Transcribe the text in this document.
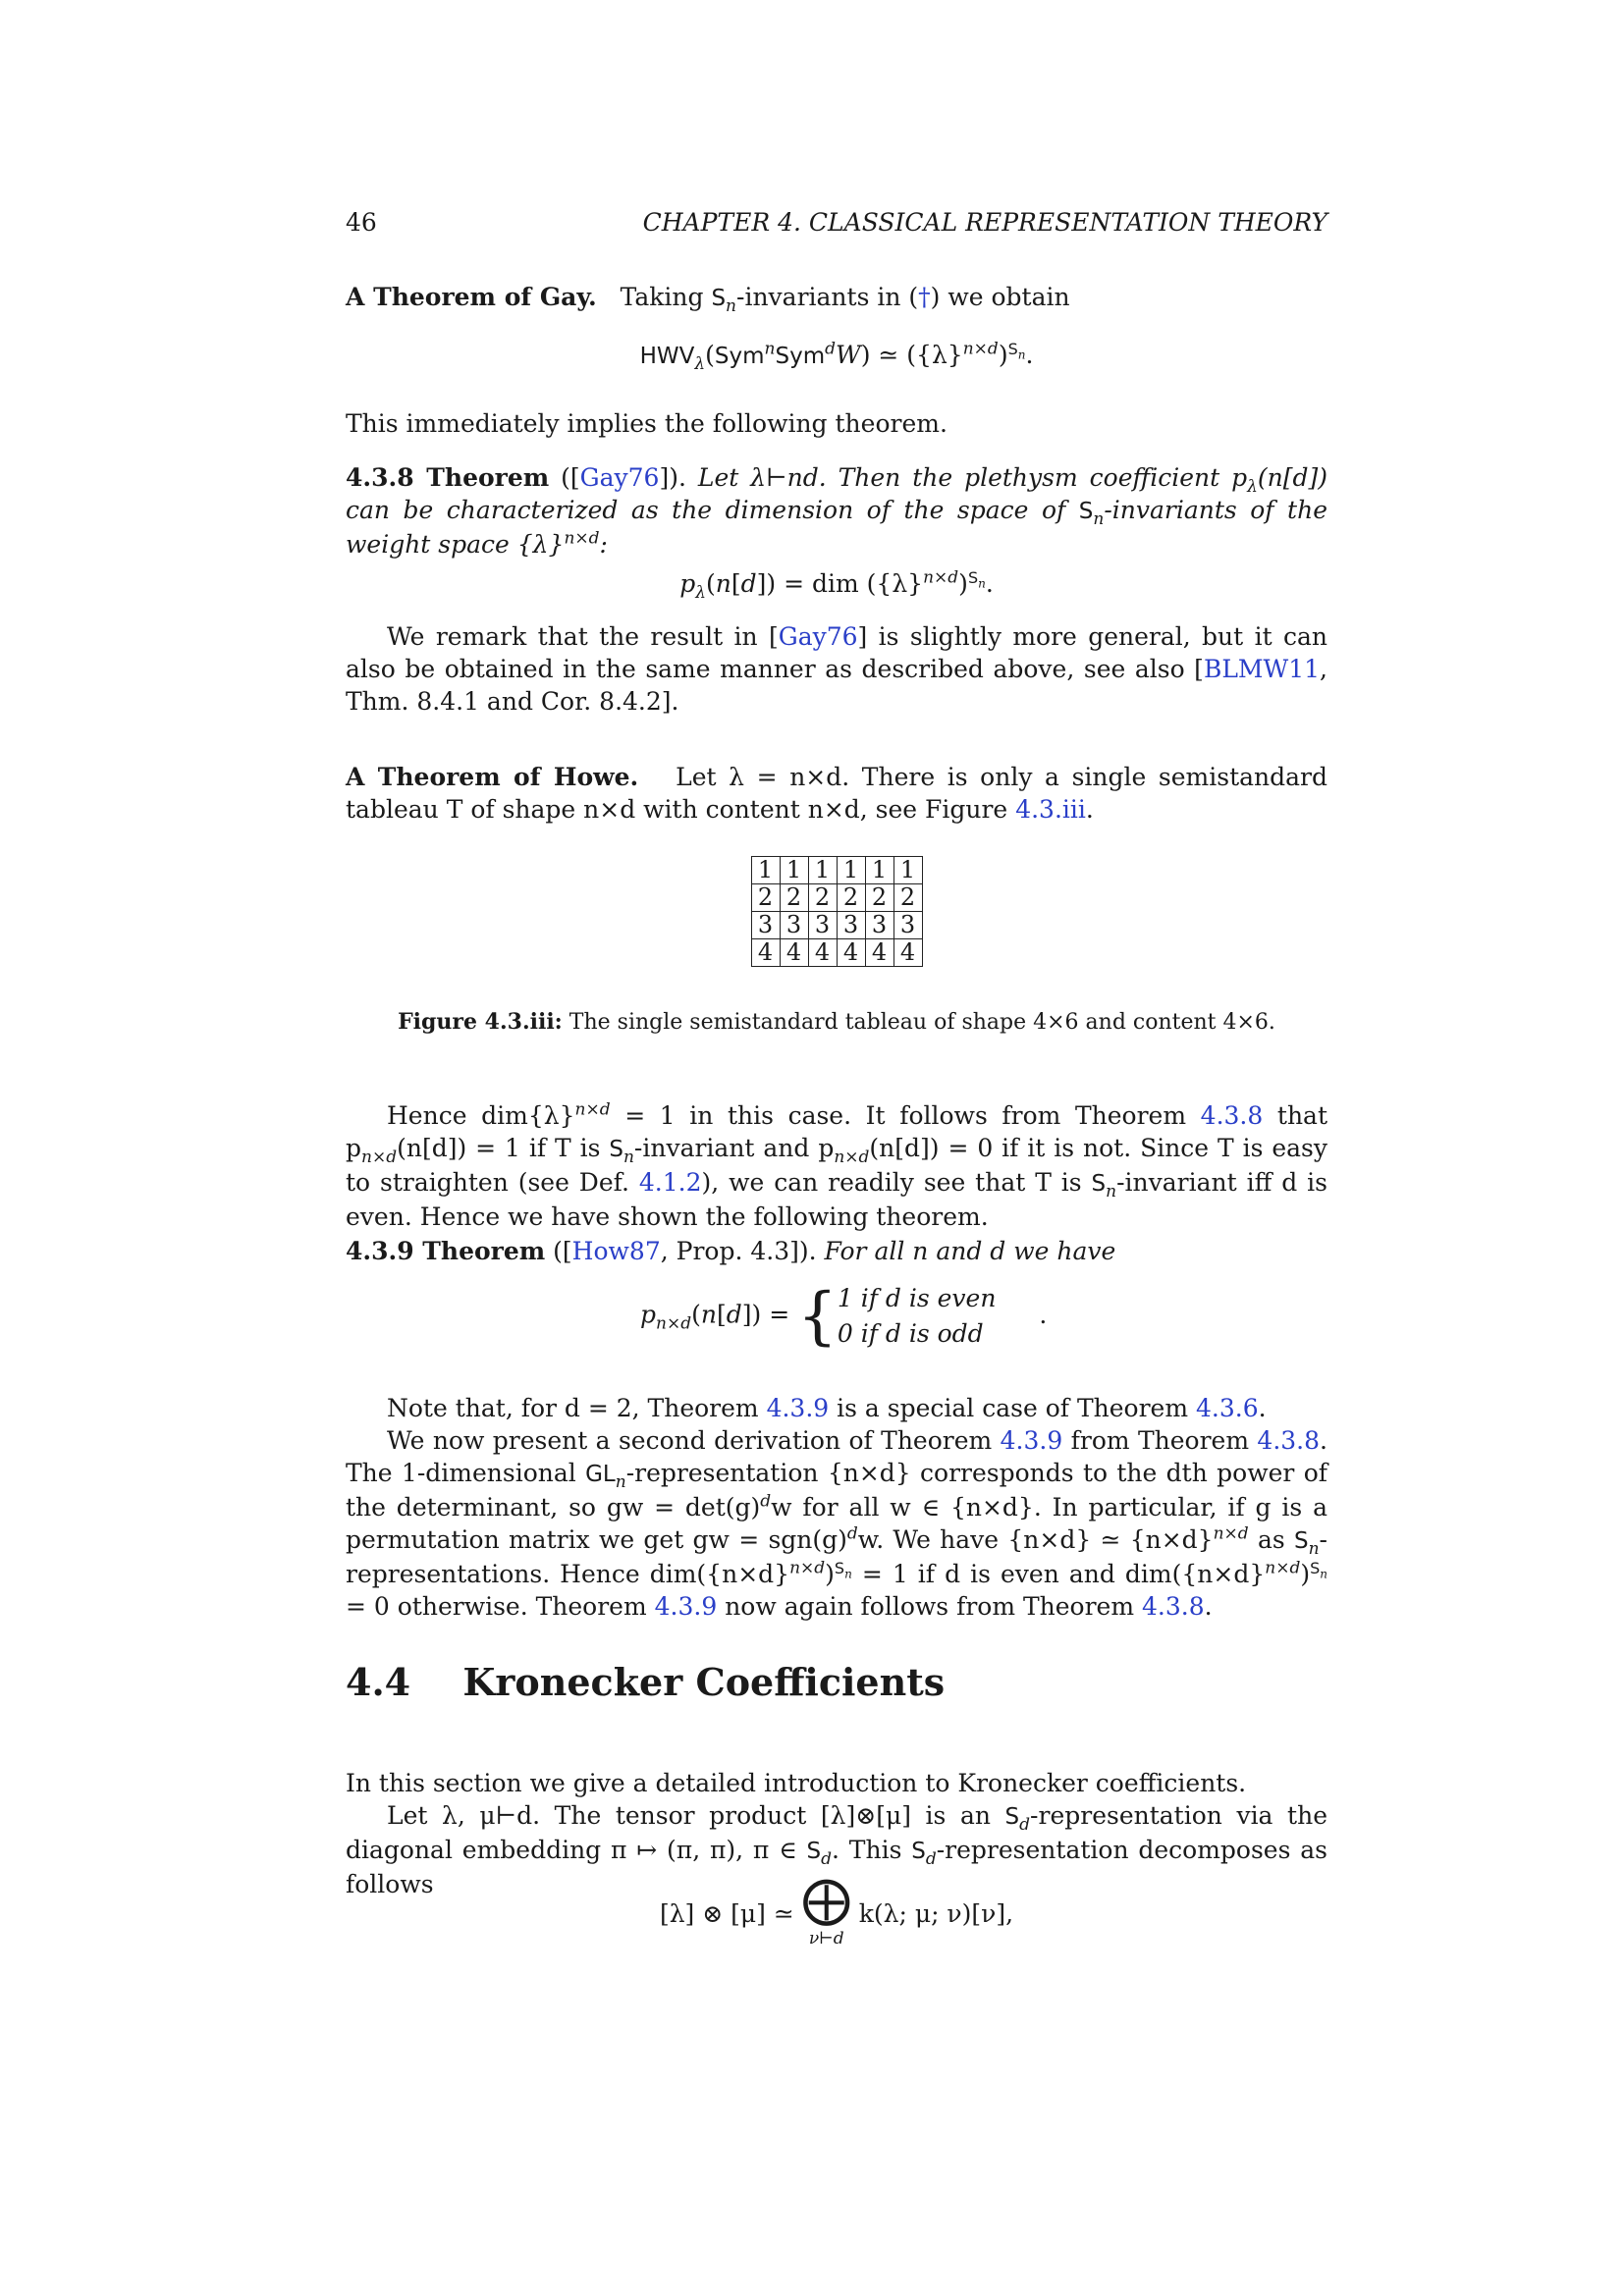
46	CHAPTER 4. CLASSICAL REPRESENTATION THEORY
A Theorem of Gay. Taking $S_n$-invariants in (†) we obtain
$HWV_\lambda(Sym^nSym^dW)$ ≃ $(\{\lambda\}^{n\times d})^{S_n}$.
This immediately implies the following theorem.
4.3.8 Theorem ([Gay76]). Let λ⊢nd. Then the plethysm coefficient $p_\lambda(n[d])$ can be characterized as the dimension of the space of $S_n$-invariants of the weight space $\{\lambda\}^{n\times d}$:
$p_\lambda(n[d])$ = dim $(\{\lambda\}^{n\times d})^{S_n}$.
We remark that the result in [Gay76] is slightly more general, but it can also be obtained in the same manner as described above, see also [BLMW11, Thm. 8.4.1 and Cor. 8.4.2].
A Theorem of Howe. Let λ = n×d. There is only a single semistandard tableau T of shape n×d with content n×d, see Figure 4.3.iii.
1	1	1	1	1	1
2	2	2	2	2	2
3	3	3	3	3	3
4	4	4	4	4	4
Figure 4.3.iii: The single semistandard tableau of shape 4×6 and content 4×6.
Hence $dim\{\lambda\}^{n\times d} = 1$ in this case. It follows from Theorem 4.3.8 that $p_{n\times d}(n[d]) = 1$ if T is $S_n$-invariant and $p_{n\times d}(n[d]) = 0$ if it is not. Since T is easy to straighten (see Def. 4.1.2), we can readily see that T is $S_n$-invariant iff d is even. Hence we have shown the following theorem.
4.3.9 Theorem ([How87, Prop. 4.3]). For all n and d we have
$p_{n\times d}(n[d]) = \{1$ if d is even
0 if d is odd .
Note that, for d = 2, Theorem 4.3.9 is a special case of Theorem 4.3.6.
We now present a second derivation of Theorem 4.3.9 from Theorem 4.3.8. The 1-dimensional $GL_n$-representation {n×d} corresponds to the dth power of the determinant, so gw = $\det(g)^dw$ for all w ∈ {n×d}. In particular, if g is a permutation matrix we get gw = $sgn(g)^dw$. We have {n×d} ≃ $\{n\times d\}^{n\times d}$ as $S_n$-representations. Hence $dim(\{n\times d\}^{n\times d})^{S_n} = 1$ if d is even and $dim(\{n\times d\}^{n\times d})^{S_n} = 0$ otherwise. Theorem 4.3.9 now again follows from Theorem 4.3.8.
4.4 Kronecker Coefficients
In this section we give a detailed introduction to Kronecker coefficients.
Let λ, μ⊢d. The tensor product [λ]⊗[μ] is an $S_d$-representation via the diagonal embedding π ↦ (π, π), π ∈ $S_d$. This $S_d$-representation decomposes as follows
[λ] ⊗ [μ] ≃ ⨁
ν⊢d k(λ; μ; ν)[ν],
